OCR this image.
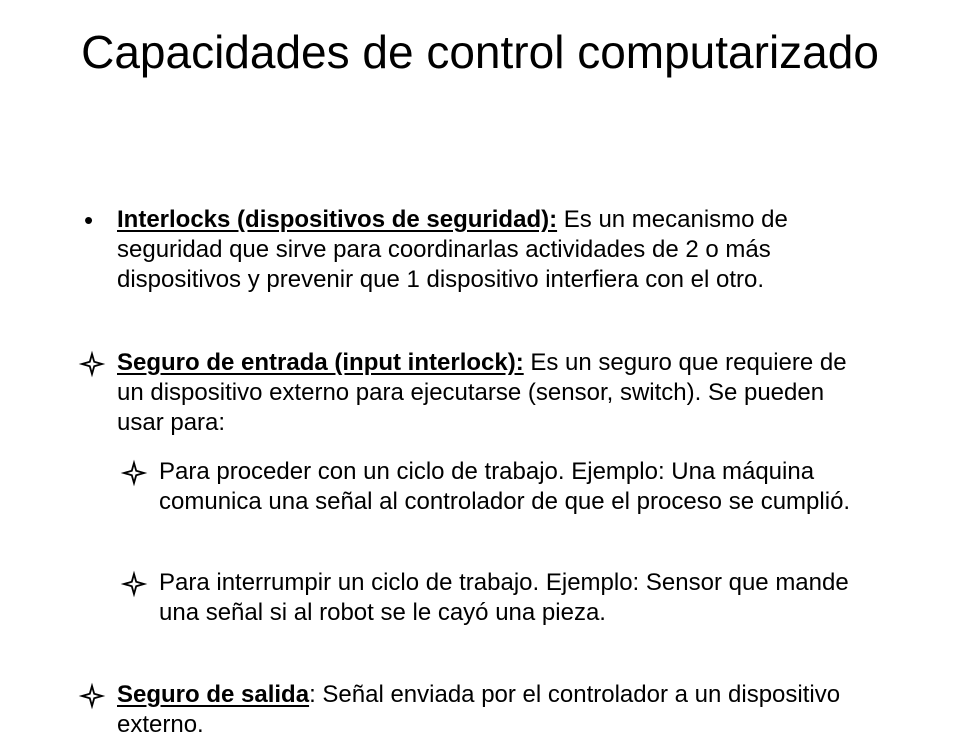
Capacidades de control computarizado
• Interlocks (dispositivos de seguridad): Es un mecanismo de seguridad que sirve para coordinarlas actividades de 2 o más dispositivos y prevenir que 1 dispositivo interfiera con el otro.
Seguro de entrada (input interlock): Es un seguro que requiere de un dispositivo externo para ejecutarse (sensor, switch). Se pueden usar para:
Para proceder con un ciclo de trabajo. Ejemplo: Una máquina comunica una señal al controlador de que el proceso se cumplió.
Para interrumpir un ciclo de trabajo. Ejemplo: Sensor que mande una señal si al robot se le cayó una pieza.
Seguro de salida: Señal enviada por el controlador a un dispositivo externo.
